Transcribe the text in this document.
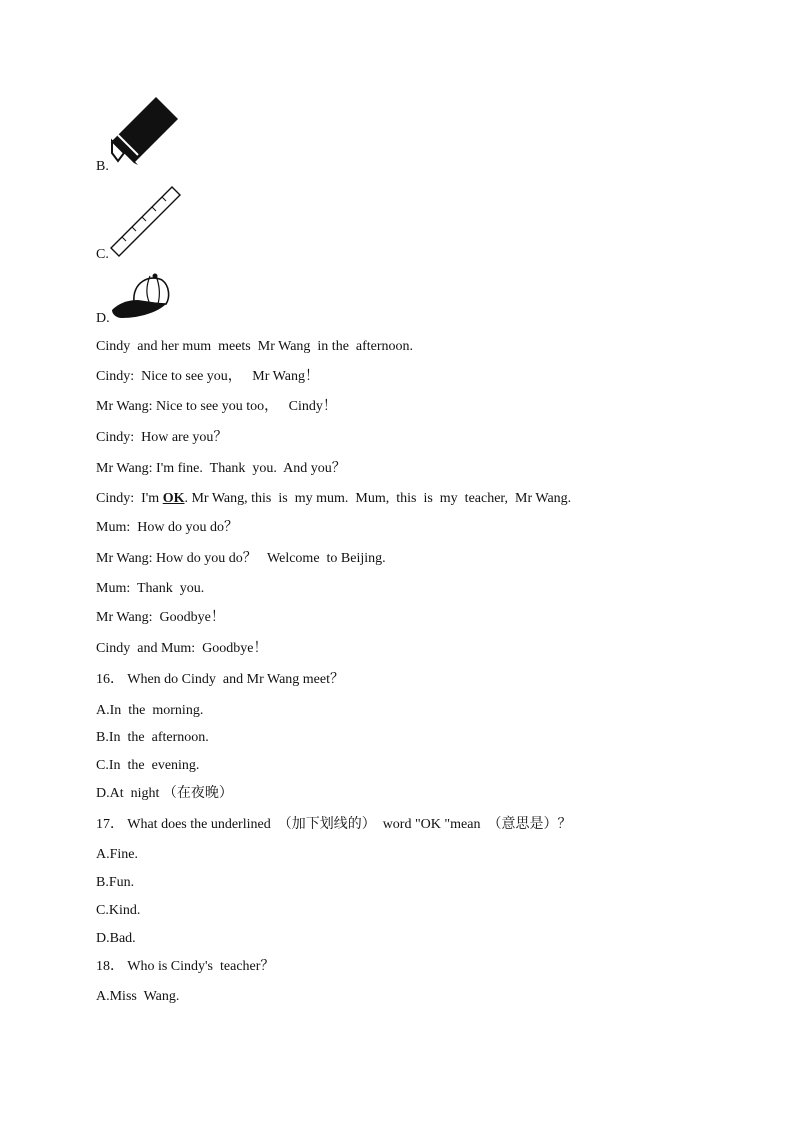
B.
C.
D.
Cindy  and her mum  meets  Mr Wang  in the  afternoon.
Cindy:  Nice to see you，   Mr Wang！
Mr Wang: Nice to see you too，   Cindy！
Cindy:  How are you？
Mr Wang: I'm fine.  Thank  you.  And you？
Cindy:  I'm OK. Mr Wang, this  is  my mum.  Mum,  this  is  my  teacher,  Mr Wang.
Mum:  How do you do？
Mr Wang: How do you do？   Welcome  to Beijing.
Mum:  Thank  you.
Mr Wang:  Goodbye！
Cindy  and Mum:  Goodbye！
16． When do Cindy  and Mr Wang meet？
A.In  the  morning.
B.In  the  afternoon.
C.In  the  evening.
D.At  night （在夜晚）
17． What does the underlined  （加下划线的）  word "OK "mean  （意思是）？
A.Fine.
B.Fun.
C.Kind.
D.Bad.
18． Who is Cindy's  teacher？
A.Miss  Wang.
